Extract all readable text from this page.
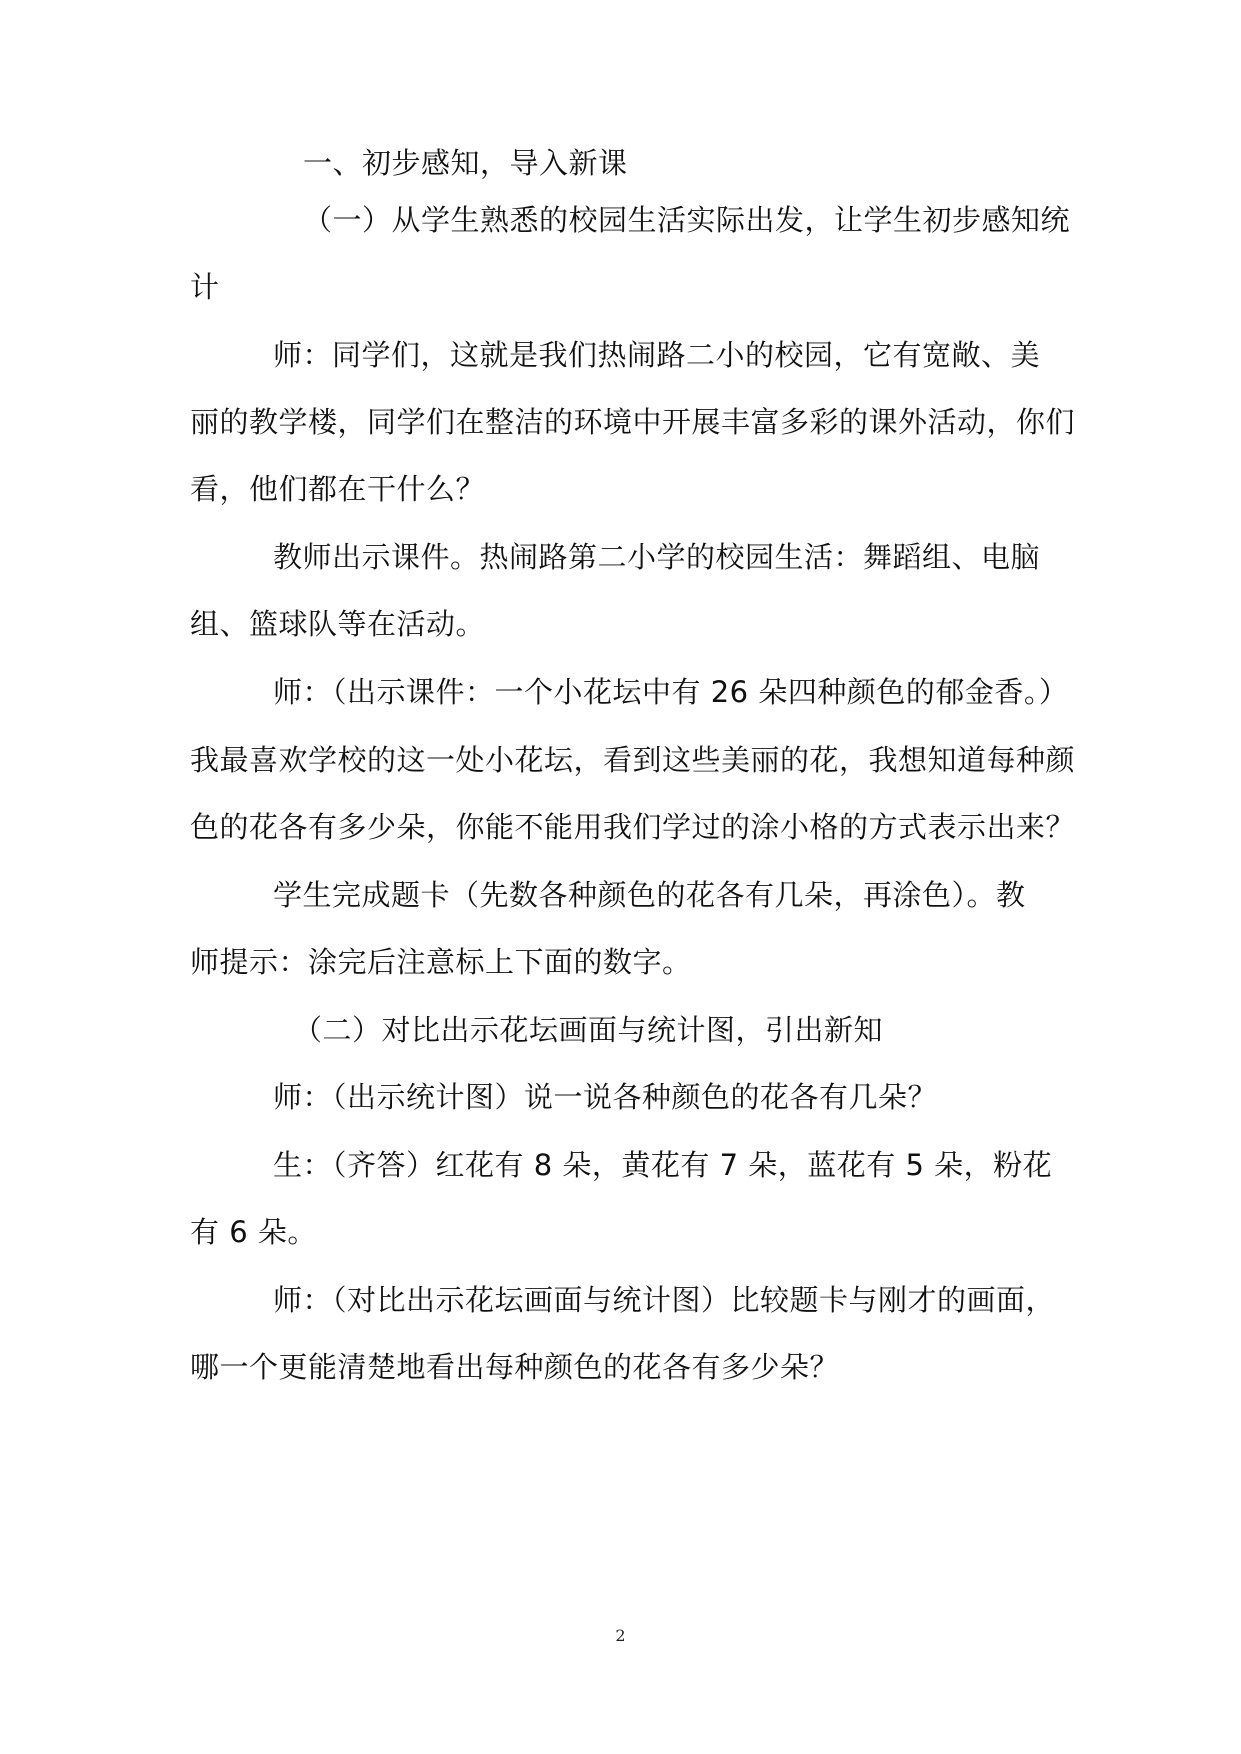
一、初步感知，导入新课
（一）从学生熟悉的校园生活实际出发，让学生初步感知统
计
师：同学们，这就是我们热闹路二小的校园，它有宽敞、美
丽的教学楼，同学们在整洁的环境中开展丰富多彩的课外活动，你们
看，他们都在干什么？
教师出示课件。热闹路第二小学的校园生活：舞蹈组、电脑
组、篮球队等在活动。
师：（出示课件：一个小花坛中有 26 朵四种颜色的郁金香。）
我最喜欢学校的这一处小花坛，看到这些美丽的花，我想知道每种颜
色的花各有多少朵，你能不能用我们学过的涂小格的方式表示出来？
学生完成题卡（先数各种颜色的花各有几朵，再涂色）。教
师提示：涂完后注意标上下面的数字。
（二）对比出示花坛画面与统计图，引出新知
师：（出示统计图）说一说各种颜色的花各有几朵？
生：（齐答）红花有 8 朵，黄花有 7 朵，蓝花有 5 朵，粉花
有 6 朵。
师：（对比出示花坛画面与统计图）比较题卡与刚才的画面，
哪一个更能清楚地看出每种颜色的花各有多少朵？
2
